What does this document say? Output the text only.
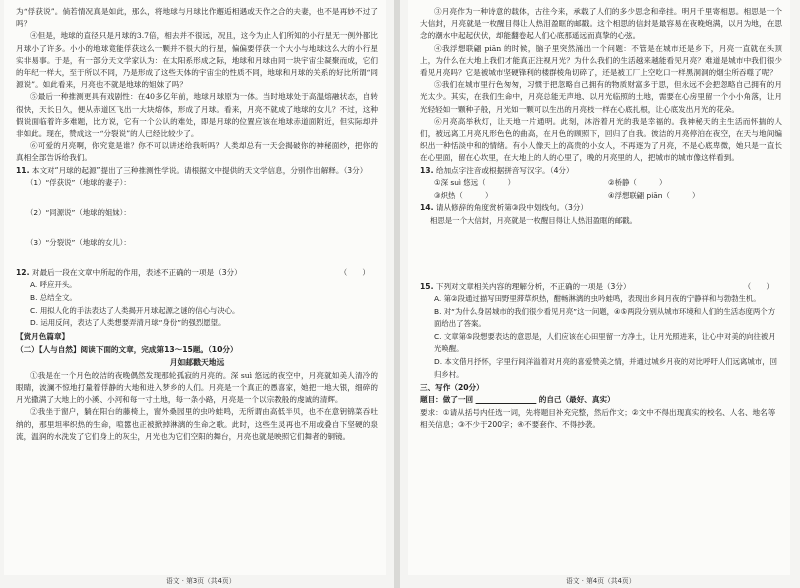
为“俘获说”。倘若情况真是如此，那么，将地球与月球比作邂逅相遇或天作之合的夫妻，也不是再妙不过了吗？

④但是，地球的直径只是月球的3.7倍，相去并不很远，况且，这今为止人们所知的小行星无一例外都比月球小了许多。小小的地球竟能俘获这么一颗并不很大的行星，偏偏要俘获一个大小与地球这么大的小行星实非易事。于是，有一部分天文学家认为：在太阳系形成之际，地球和月球由同一块宇宙尘凝聚而成，它们的年纪一样大，至于所以不同，乃是形成了这些天体的宇宙尘的性质不同，地球和月球的关系的好比所谓“同源说”。如此看来，月亮也不就是地球的姐妹了吗？

⑤最后一种推测更具有戏剧性：在40多亿年前，地球月球原为一体。当时地球处于高温熔融状态，自转很快，天长日久，便从赤道区飞出一大块熔体，形成了月球。看来，月亮不就成了地球的女儿？不过，这种假说面临着许多难题，比方说，它有一个公认的难处，即是月球的位置应该在地球赤道面附近，但实际却并非如此。现在，赞成这一“分裂说”的人已经比较少了。

⑥可爱的月亮啊，你究竟是谁？你不可以讲述给我听吗？人类却总有一天会揭破你的神秘面纱，把你的真相全部告诉给我们。

11. 本文对“月球的起源”提出了三种推测性学说。请根据文中提供的天文学信息，分别作出解释。（3分）
（1）“俘获说”（地球的妻子）：
（2）“同源说”（地球的姐妹）：
（3）“分裂说”（地球的女儿）：
12. 对最后一段在文章中所起的作用，表述不正确的一项是（3分）	（　　）
A. 呼应开头。
B. 总结全文。
C. 用拟人化的手法表达了人类揭开月球起源之谜的信心与决心。
D. 运用反问，表达了人类想要弄清月球“身份”的强烈愿望。
【赏月色篇章】
（二）【人与自然】阅读下面的文章，完成第13～15题。（10分）
月如邮戳天地远

①我是在一个月色皎洁的夜晚偶然发现那轮孤寂的月亮的。深 suì 悠远的夜空中，月亮就如美人清冷的眼睛，波澜不惊地打量着俘静的大地和进入梦乡的人们。月亮是一个真正的愚喜家，她把一地大银，细碎的月光撒满了大地上的小溪、小河和每一寸土地，每一条小路，月亮是一个以宗教般的虔诚的清辉。

②我坐于窗户，躺在阳台的藤椅上，窗外桑园里的虫吟蛙鸣，无所谓由高低半贝，也不在意钥锦菜吞吐纳的，那里坦率织热的生命，喧嚣也正被掀掉淋漓的生命之歌。此时，这些生灵再也不用或叠自下坚硬的泉流，温润的水洗发了它们身上的灰尘，月光也为它们空阳的舞台，月亮也就是映照它们舞者的铜镜。

③月亮作为一种诗意的载体，古往今来，承载了人们的多少思念和牵挂。明月千里寄相思。相思是一个大信封，月亮就是一枚醒目得让人热泪盈眶的邮戳。这个相思的信封是最容易在夜晚炮满，以月为地，在思念的潮水中起起伏伏，却能翻卷起人们心底那遥远而真挚的心弦。

④我浮想联翩 piān 的时候，脑子里突然涌出一个问题：不管是在城市还是乡下，月亮一直就在头顶上，为什么在大地上我们才能真正注视月光？为什么我们的生活越来越能看见月亮？难道是城市中我们很少看见月亮吗？它是被城市坚硬锋利的楼群棱角切碎了，还是被工厂上空吃口一样黑洞洞的烟尘所吞噬了呢？

⑤我们在城市里行色匆匆，习惯于把忽略自己拥有的物质财富多于思，但永远不会把忽略自己拥有的月光太少。其实，在我们生命中，月亮总能无声地、以月光临照的土地，需要在心房里留一个小小角落，让月光轻轻如一颗种子般，月光如一颗可以生出的月亮枝一样在心底扎根，让心底发出月光的花朵。

⑥月亮高举秋灯，让天地一片通明。此刻，沐浴着月光的我是幸福的。我神秘天的主生活而怀揣的人们，被远离工月亮凡形色色的曲高，在月色的顾照下，回归了自我。彼洁的月亮停泊在夜空，在天与地间编织出一种恬淡中和的情绪。有小人像天上的高贵的小女人，不再逐为了月亮，不是心底卑微，她只是一直长在心里面，留在心坎里，在大地上的人的心里了，晚的月亮里的人，把城市的城市像这样看到。

13. 给加点字注音或根据拼音写汉字。（4分）
①深 suì 悠远（　　　）	②桥静（　　　）
③炽热（　　　）	④浮想联翩 piān（　　　）
14. 请从修辞的角度赏析第③段中划线句。（3分）
相思是一个大信封，月亮就是一枚醒目得让人热泪盈眶的邮戳。
15. 下列对文章相关内容的理解分析，不正确的一项是（3分）	（　　）
A. 第②段通过描写田野里滞草炽热，酣畅淋漓的虫吟蛙鸣，表现出乡间月夜的宁静祥和与勃勃生机。
B. 对“为什么身居城市的我们很少看见月亮”这一问题，④⑤两段分别从城市环境和人们的生活态度两个方面给出了答案。
C. 文章第⑤段想要表达的意思是，人们应该在心田里留一方净土，让月光照进来，让心中对美的向往被月光唤醒。
D. 本文借月抒怀，字里行间洋溢着对月亮的喜爱赞美之情，并通过城乡月夜的对比呼吁人们远离城市，回归乡村。
三、写作（20分）
题目：做了一回 　　　　　　　　	的自己（最好、真实）
要求：①请从括号内任选一词，先将题目补充完整，然后作文；②文中不得出现真实的校名、人名、地名等相关信息；③不少于200字；④不要套作、不得抄袭。
语文 · 第3页（共4页）	语文 · 第4页（共4页）
